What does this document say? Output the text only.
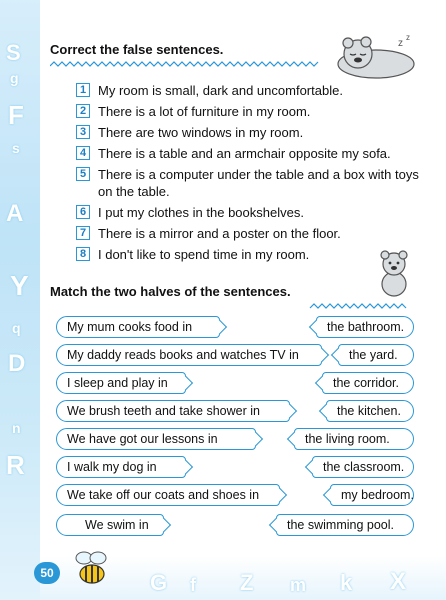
S
g
F
s
A
Y
q
D
n
R
G f Z m k X
z
z
Correct the false sentences.
1 My room is small, dark and uncomfortable.
2 There is a lot of furniture in my room.
3 There are two windows in my room.
4 There is a table and an armchair opposite my sofa.
5 There is a computer under the table and a box with toys on the table.
6 I put my clothes in the bookshelves.
7 There is a mirror and a poster on the floor.
8 I don't like to spend time in my room.
Match the two halves of the sentences.
My mum cooks food in
My daddy reads books and watches TV in
I sleep and play in
We brush teeth and take shower in
We have got our lessons in
I walk my dog in
We take off our coats and shoes in
We swim in
the bathroom.
the yard.
the corridor.
the kitchen.
the living room.
the classroom.
my bedroom.
the swimming pool.
50
